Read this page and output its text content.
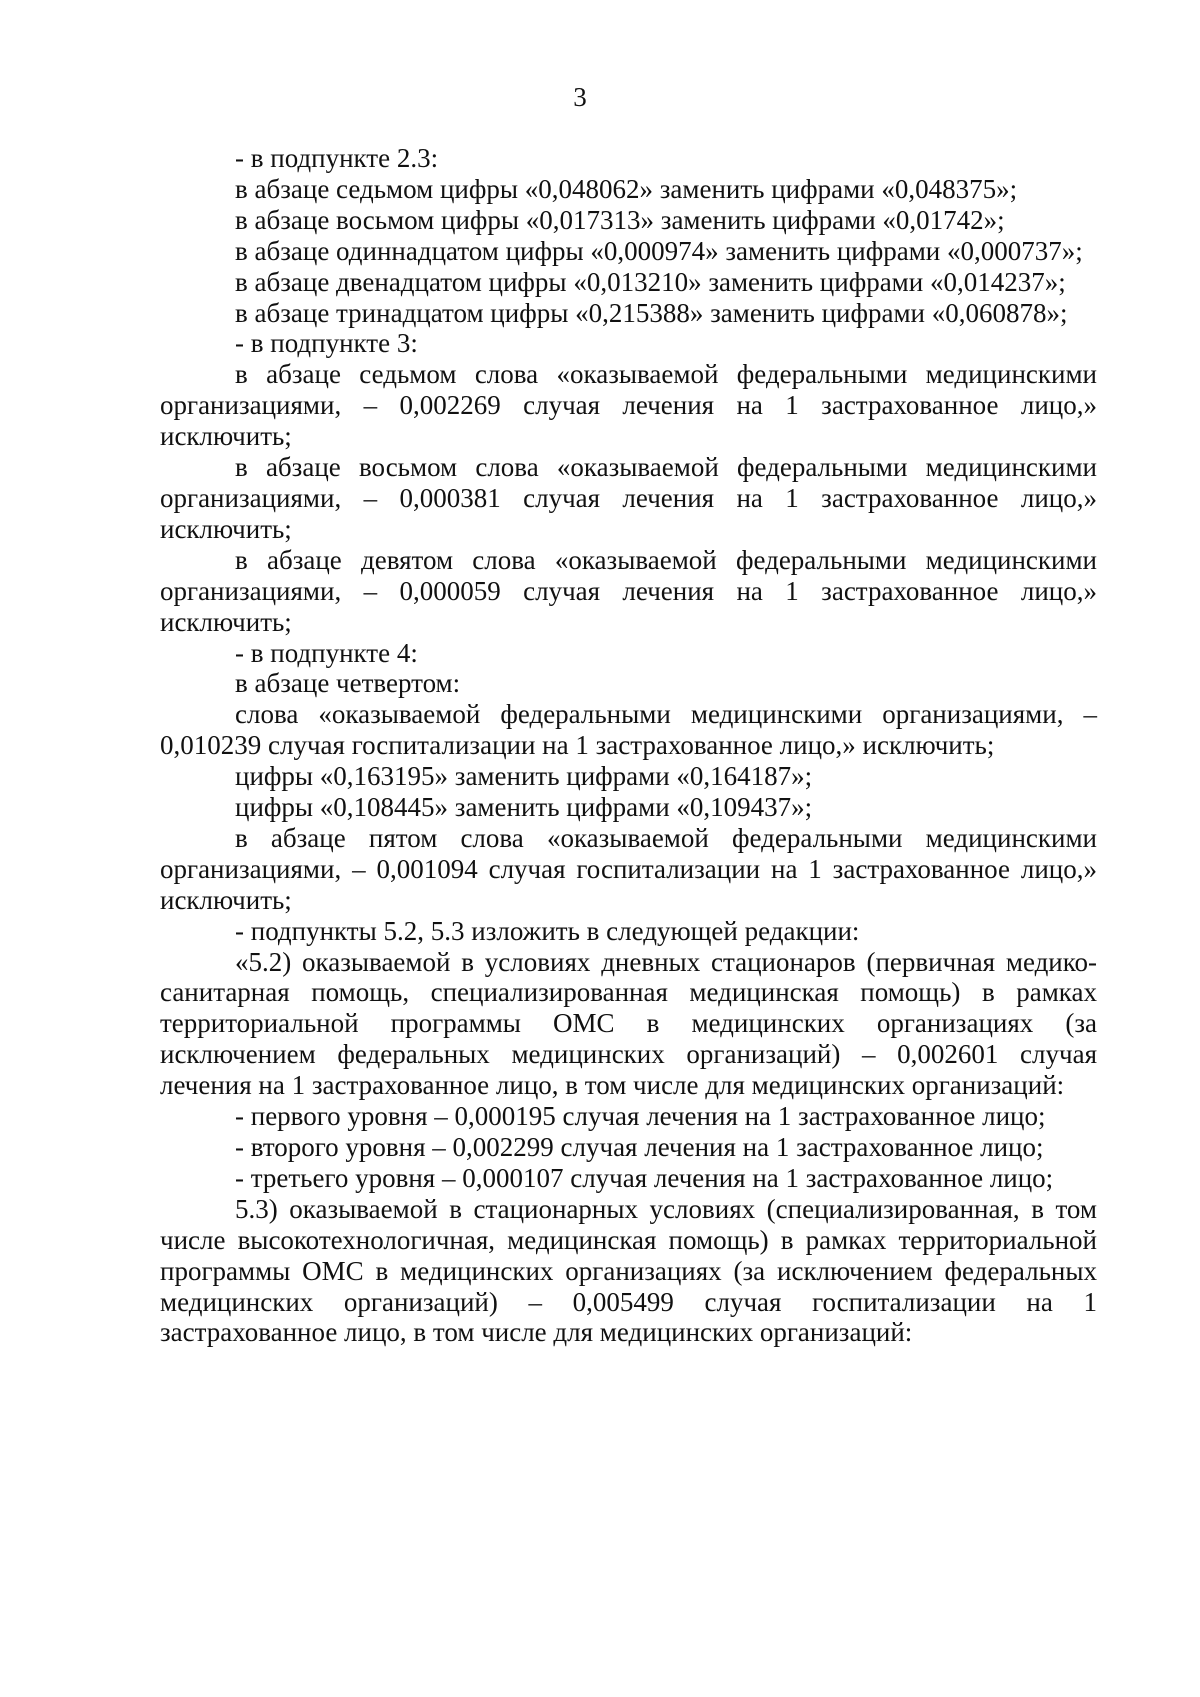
3

- в подпункте 2.3:

в абзаце седьмом цифры «0,048062» заменить цифрами «0,048375»;

в абзаце восьмом цифры «0,017313» заменить цифрами «0,01742»;

в абзаце одиннадцатом цифры «0,000974» заменить цифрами «0,000737»;

в абзаце двенадцатом цифры «0,013210» заменить цифрами «0,014237»;

в абзаце тринадцатом цифры «0,215388» заменить цифрами «0,060878»;

- в подпункте 3:

в абзаце седьмом слова «оказываемой федеральными медицинскими организациями, – 0,002269 случая лечения на 1 застрахованное лицо,» исключить;

в абзаце восьмом слова «оказываемой федеральными медицинскими организациями, – 0,000381 случая лечения на 1 застрахованное лицо,» исключить;

в абзаце девятом слова «оказываемой федеральными медицинскими организациями, – 0,000059 случая лечения на 1 застрахованное лицо,» исключить;

- в подпункте 4:

в абзаце четвертом:

слова «оказываемой федеральными медицинскими организациями, – 0,010239 случая госпитализации на 1 застрахованное лицо,» исключить;

цифры «0,163195» заменить цифрами «0,164187»;

цифры «0,108445» заменить цифрами «0,109437»;

в абзаце пятом слова «оказываемой федеральными медицинскими организациями, – 0,001094 случая госпитализации на 1 застрахованное лицо,» исключить;

- подпункты 5.2, 5.3 изложить в следующей редакции:

«5.2) оказываемой в условиях дневных стационаров (первичная медико-санитарная помощь, специализированная медицинская помощь) в рамках территориальной программы ОМС в медицинских организациях (за исключением федеральных медицинских организаций) – 0,002601 случая лечения на 1 застрахованное лицо, в том числе для медицинских организаций:

- первого уровня – 0,000195 случая лечения на 1 застрахованное лицо;

- второго уровня – 0,002299 случая лечения на 1 застрахованное лицо;

- третьего уровня – 0,000107 случая лечения на 1 застрахованное лицо;

5.3) оказываемой в стационарных условиях (специализированная, в том числе высокотехнологичная, медицинская помощь) в рамках территориальной программы ОМС в медицинских организациях (за исключением федеральных медицинских организаций) – 0,005499 случая госпитализации на 1 застрахованное лицо, в том числе для медицинских организаций:
